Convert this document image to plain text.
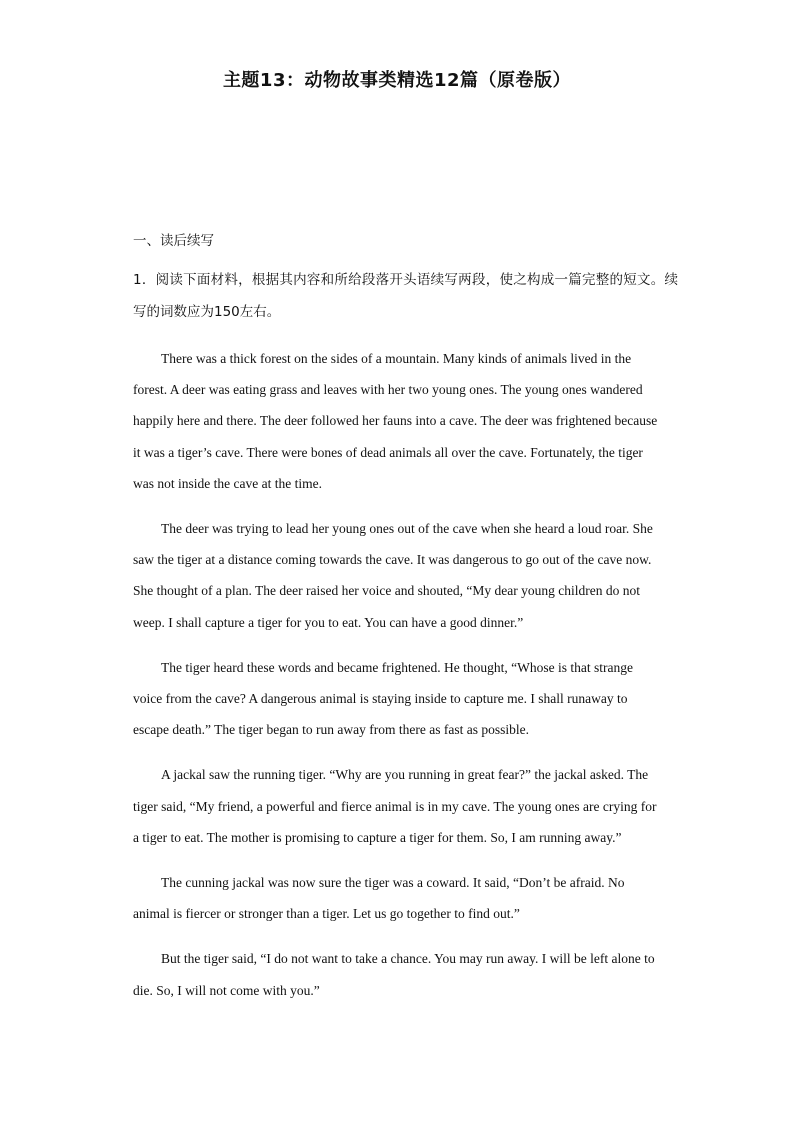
主题13：动物故事类精选12篇（原卷版）
一、读后续写
1．阅读下面材料，根据其内容和所给段落开头语续写两段，使之构成一篇完整的短文。续写的词数应为150左右。

There was a thick forest on the sides of a mountain. Many kinds of animals lived in the forest. A deer was eating grass and leaves with her two young ones. The young ones wandered happily here and there. The deer followed her fauns into a cave. The deer was frightened because it was a tiger’s cave. There were bones of dead animals all over the cave. Fortunately, the tiger was not inside the cave at the time.

The deer was trying to lead her young ones out of the cave when she heard a loud roar. She saw the tiger at a distance coming towards the cave. It was dangerous to go out of the cave now. She thought of a plan. The deer raised her voice and shouted, “My dear young children do not weep. I shall capture a tiger for you to eat. You can have a good dinner.”

The tiger heard these words and became frightened. He thought, “Whose is that strange voice from the cave? A dangerous animal is staying inside to capture me. I shall runaway to escape death.” The tiger began to run away from there as fast as possible.

A jackal saw the running tiger. “Why are you running in great fear?” the jackal asked. The tiger said, “My friend, a powerful and fierce animal is in my cave. The young ones are crying for a tiger to eat. The mother is promising to capture a tiger for them. So, I am running away.”

The cunning jackal was now sure the tiger was a coward. It said, “Don’t be afraid. No animal is fiercer or stronger than a tiger. Let us go together to find out.”

But the tiger said, “I do not want to take a chance. You may run away. I will be left alone to die. So, I will not come with you.”
